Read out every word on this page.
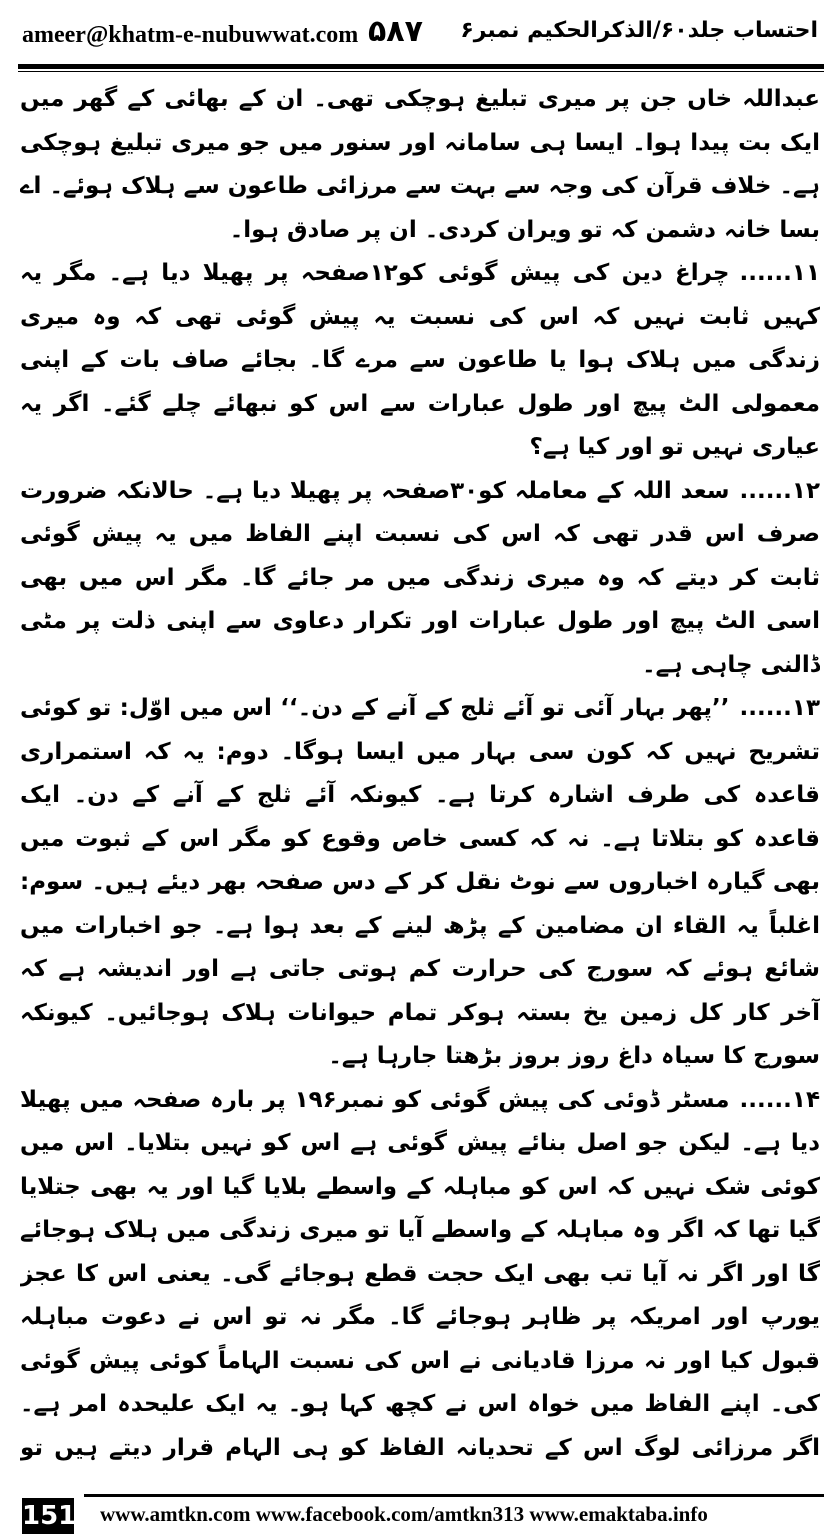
ameer@khatm-e-nubuwwat.com ۵۸۷ احتساب جلد۶۰/الذکرالحکیم نمبر۶

عبداللہ خاں جن پر میری تبلیغ ہوچکی تھی۔ ان کے بھائی کے گھر میں ایک بت پیدا ہوا۔ ایسا ہی سامانہ اور سنور میں جو میری تبلیغ ہوچکی ہے۔ خلاف قرآن کی وجہ سے بہت سے مرزائی طاعون سے ہلاک ہوئے۔ اے بسا خانہ دشمن کہ تو ویران کردی۔ ان پر صادق ہوا۔

۱۱......چراغ دین کی پیش گوئی کو۱۲صفحہ پر پھیلا دیا ہے۔ مگر یہ کہیں ثابت نہیں کہ اس کی نسبت یہ پیش گوئی تھی کہ وہ میری زندگی میں ہلاک ہوا یا طاعون سے مرے گا۔ بجائے صاف بات کے اپنی معمولی الٹ پیچ اور طول عبارات سے اس کو نبھائے چلے گئے۔ اگر یہ عیاری نہیں تو اور کیا ہے؟

۱۲......سعد اللہ کے معاملہ کو۳۰صفحہ پر پھیلا دیا ہے۔ حالانکہ ضرورت صرف اس قدر تھی کہ اس کی نسبت اپنے الفاظ میں یہ پیش گوئی ثابت کر دیتے کہ وہ میری زندگی میں مر جائے گا۔ مگر اس میں بھی اسی الٹ پیچ اور طول عبارات اور تکرار دعاوی سے اپنی ذلت پر مٹی ڈالنی چاہی ہے۔

۱۳......’’پھر بہار آئی تو آئے ثلج کے آنے کے دن۔‘‘ اس میں اوّل: تو کوئی تشریح نہیں کہ کون سی بہار میں ایسا ہوگا۔ دوم: یہ کہ استمراری قاعدہ کی طرف اشارہ کرتا ہے۔ کیونکہ آئے ثلج کے آنے کے دن۔ ایک قاعدہ کو بتلاتا ہے۔ نہ کہ کسی خاص وقوع کو مگر اس کے ثبوت میں بھی گیارہ اخباروں سے نوٹ نقل کر کے دس صفحہ بھر دیئے ہیں۔ سوم: اغلباً یہ القاء ان مضامین کے پڑھ لینے کے بعد ہوا ہے۔ جو اخبارات میں شائع ہوئے کہ سورج کی حرارت کم ہوتی جاتی ہے اور اندیشہ ہے کہ آخر کار کل زمین یخ بستہ ہوکر تمام حیوانات ہلاک ہوجائیں۔ کیونکہ سورج کا سیاہ داغ روز بروز بڑھتا جارہا ہے۔

۱۴......مسٹر ڈوئی کی پیش گوئی کو نمبر۱۹۶ پر بارہ صفحہ میں پھیلا دیا ہے۔ لیکن جو اصل بنائے پیش گوئی ہے اس کو نہیں بتلایا۔ اس میں کوئی شک نہیں کہ اس کو مباہلہ کے واسطے بلایا گیا اور یہ بھی جتلایا گیا تھا کہ اگر وہ مباہلہ کے واسطے آیا تو میری زندگی میں ہلاک ہوجائے گا اور اگر نہ آیا تب بھی ایک حجت قطع ہوجائے گی۔ یعنی اس کا عجز یورپ اور امریکہ پر ظاہر ہوجائے گا۔ مگر نہ تو اس نے دعوت مباہلہ قبول کیا اور نہ مرزا قادیانی نے اس کی نسبت الہاماً کوئی پیش گوئی کی۔ اپنے الفاظ میں خواہ اس نے کچھ کہا ہو۔ یہ ایک علیحدہ امر ہے۔ اگر مرزائی لوگ اس کے تحدیانہ الفاظ کو ہی الہام قرار دیتے ہیں تو

151 www.amtkn.com www.facebook.com/amtkn313 www.emaktaba.info
